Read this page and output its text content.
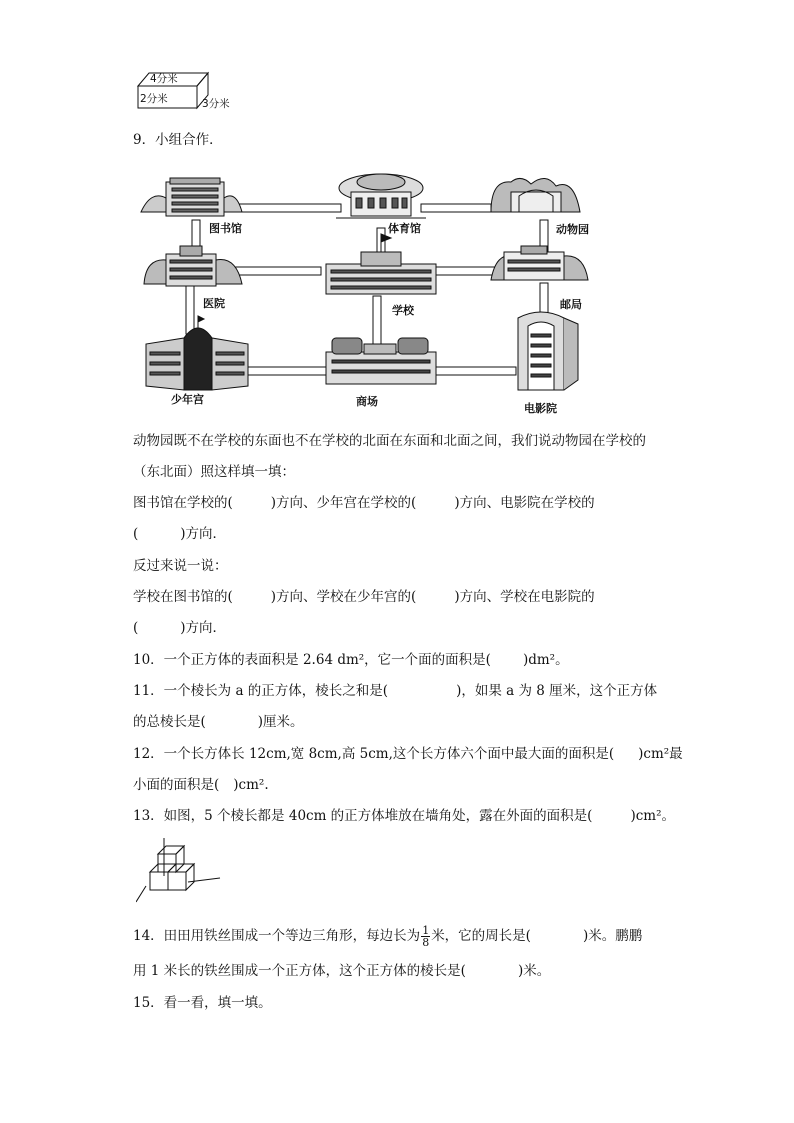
4分米
2分米	3分米
9．小组合作．
图书馆	体育馆	动物园
医院
学校	邮局
少年宫	商场
电影院
动物园既不在学校的东面也不在学校的北面在东面和北面之间，我们说动物园在学校的
（东北面）照这样填一填：
图书馆在学校的(	)方向、少年宫在学校的(	)方向、电影院在学校的
(	)方向．
反过来说一说：
学校在图书馆的(	)方向、学校在少年宫的(	)方向、学校在电影院的
(	)方向．
10．一个正方体的表面积是 2.64 dm²，它一个面的面积是( )dm²。
11．一个棱长为 a 的正方体，棱长之和是(	)，如果 a 为 8 厘米，这个正方体
的总棱长是(	)厘米。
12．一个长方体长 12cm,宽 8cm,高 5cm,这个长方体六个面中最大面的面积是( )cm²最
小面的面积是( )cm².
13．如图，5 个棱长都是 40cm 的正方体堆放在墙角处，露在外面的面积是(	)cm²。
14．田田用铁丝围成一个等边三角形，每边长为 $\frac{1}{8}$ 米，它的周长是(	)米。鹏鹏
用 1 米长的铁丝围成一个正方体，这个正方体的棱长是(	)米。
15．看一看，填一填。
